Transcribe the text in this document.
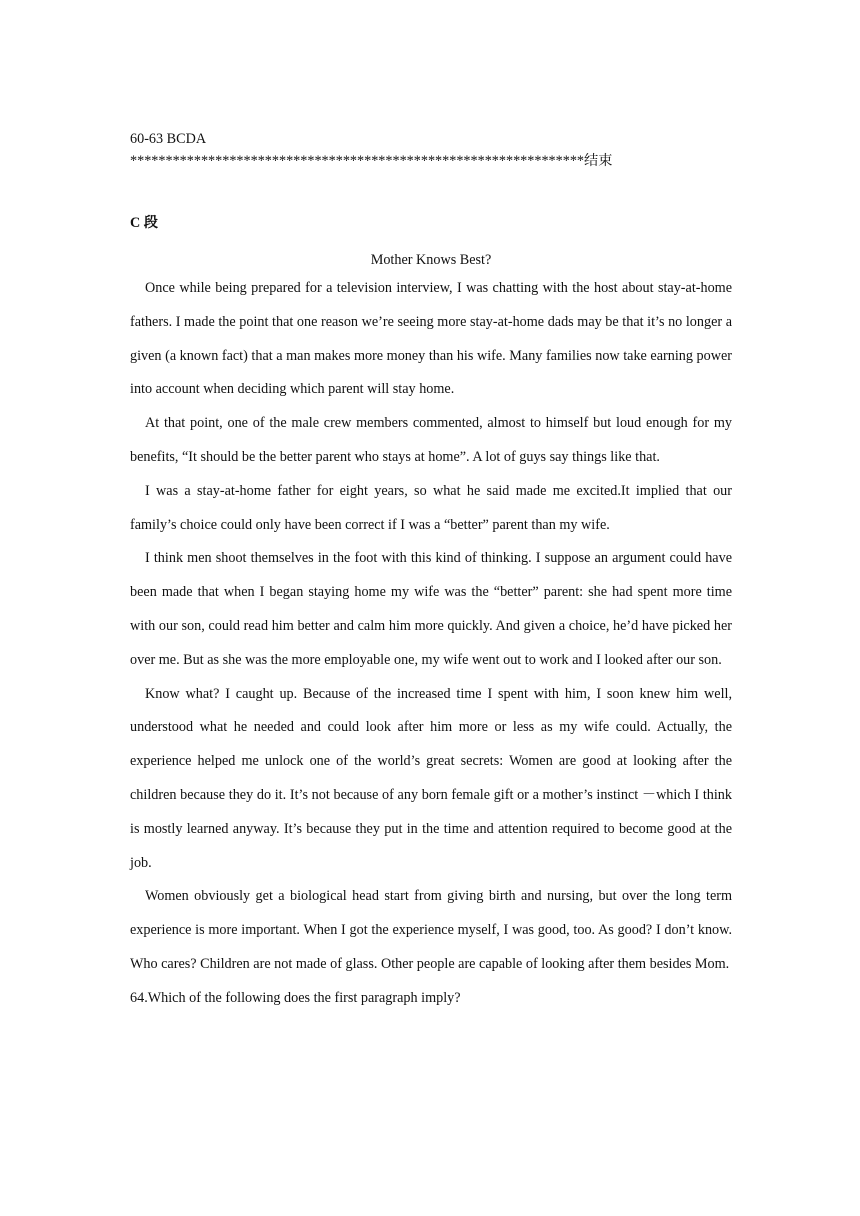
60-63 BCDA
****************************************************************结束
C 段
Mother Knows Best?

Once while being prepared for a television interview, I was chatting with the host about stay-at-home fathers. I made the point that one reason we’re seeing more stay-at-home dads may be that it’s no longer a given (a known fact) that a man makes more money than his wife. Many families now take earning power into account when deciding which parent will stay home.

At that point, one of the male crew members commented, almost to himself but loud enough for my benefits, “It should be the better parent who stays at home”. A lot of guys say things like that.

I was a stay-at-home father for eight years, so what he said made me excited.It implied that our family’s choice could only have been correct if I was a “better” parent than my wife.

I think men shoot themselves in the foot with this kind of thinking. I suppose an argument could have been made that when I began staying home my wife was the “better” parent: she had spent more time with our son, could read him better and calm him more quickly. And given a choice, he’d have picked her over me. But as she was the more employable one, my wife went out to work and I looked after our son.

Know what? I caught up. Because of the increased time I spent with him, I soon knew him well, understood what he needed and could look after him more or less as my wife could. Actually, the experience helped me unlock one of the world’s great secrets: Women are good at looking after the children because they do it. It’s not because of any born female gift or a mother’s instinct －which I think is mostly learned anyway. It’s because they put in the time and attention required to become good at the job.

Women obviously get a biological head start from giving birth and nursing, but over the long term experience is more important. When I got the experience myself, I was good, too. As good? I don’t know. Who cares? Children are not made of glass. Other people are capable of looking after them besides Mom.

64.Which of the following does the first paragraph imply?
